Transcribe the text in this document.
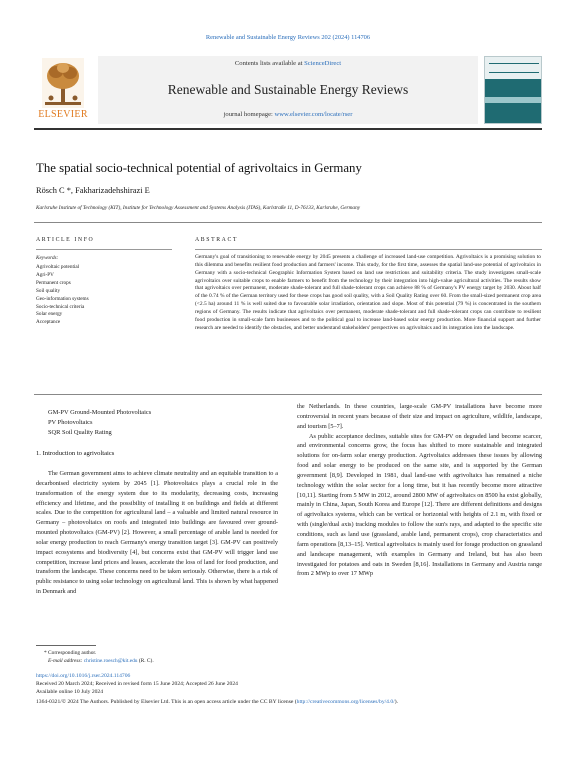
Renewable and Sustainable Energy Reviews 202 (2024) 114706
ELSEVIER
Contents lists available at ScienceDirect
Renewable and Sustainable Energy Reviews
journal homepage: www.elsevier.com/locate/rser
The spatial socio-technical potential of agrivoltaics in Germany
Rösch C *, Fakharizadehshirazi E
Karlsruhe Institute of Technology (KIT), Institute for Technology Assessment and Systems Analysis (ITAS), Karlstraße 11, D-76133, Karlsruhe, Germany
ARTICLE INFO
Keywords:
Agrivoltaic potential
Agri-PV
Permanent crops
Soil quality
Geo-information systems
Socio-technical criteria
Solar energy
Acceptance
ABSTRACT
Germany's goal of transitioning to renewable energy by 2045 presents a challenge of increased land-use competition. Agrivoltaics is a promising solution to this dilemma and benefits resilient food production and farmers' income. This study, for the first time, assesses the spatial land-use potential of agrivoltaics in Germany with a socio-technical Geographic Information System based on land use restrictions and suitability criteria. The study investigates small-scale agrivoltaics over suitable crops to enable farmers to benefit from the technology by their integration into high-value agricultural activities. The results show that agrivoltaics over permanent, moderate shade-tolerant and full shade-tolerant crops can achieve 88 % of Germany's PV energy target by 2030. About half of the 0.74 % of the German territory used for these crops has good soil quality, with a Soil Quality Rating over 60. From the small-sized permanent crop area (<2.5 ha) around 11 % is well suited due to favourable solar irradiation, orientation and slope. Most of this potential (79 %) is concentrated in the southern regions of Germany. The results indicate that agrivoltaics over permanent, moderate shade-tolerant and full shade-tolerant crops can contribute to resilient food production in small-scale farm businesses and to the political goal to increase land-based solar energy production. More financial support and further research are needed to identify the obstacles, and better understand stakeholders' perspectives on agrivoltaics and its integration into the landscape.
GM-PV Ground-Mounted Photovoltaics
PV Photovoltaics
SQR Soil Quality Rating
1. Introduction to agrivoltaics

The German government aims to achieve climate neutrality and an equitable transition to a decarbonised electricity system by 2045 [1]. Photovoltaics plays a crucial role in the transformation of the energy system due to its modularity, decreasing costs, increasing efficiency and lifetime, and the possibility of installing it on buildings and fields at different scales. Due to the competition for agricultural land – a valuable and limited natural resource in Germany – photovoltaics on roofs and integrated into buildings are favoured over ground-mounted photovoltaics (GM-PV) [2]. However, a small percentage of arable land is needed for solar energy production to reach Germany's energy transition target [3]. GM-PV can positively impact ecosystems and biodiversity [4], but concerns exist that GM-PV will trigger land use competition, increase land prices and leases, accelerate the loss of land for food production, and transform the landscape. These concerns need to be taken seriously. Otherwise, there is a risk of public resistance to using solar technology on agricultural land. This is shown by what happened in Denmark and

the Netherlands. In these countries, large-scale GM-PV installations have become more controversial in recent years because of their size and impact on agriculture, wildlife, landscape, and tourism [5–7].

As public acceptance declines, suitable sites for GM-PV on degraded land become scarcer, and environmental concerns grow, the focus has shifted to more sustainable and integrated solutions for on-farm solar energy production. Agrivoltaics addresses these issues by allowing food and solar energy to be produced on the same site, and is supported by the German government [8,9]. Developed in 1981, dual land-use with agrivoltaics has remained a niche technology within the solar sector for a long time, but it has recently become more attractive [10,11]. Starting from 5 MW in 2012, around 2800 MW of agrivoltaics on 8500 ha exist globally, mainly in China, Japan, South Korea and Europe [12]. There are different definitions and designs of agrivoltaics systems, which can be vertical or horizontal with heights of 2.1 m, with fixed or with (single/dual axis) tracking modules to follow the sun's rays, and adapted to the specific site conditions, such as land use (grassland, arable land, permanent crops), crop characteristics and farm operations [8,13–15]. Vertical agrivoltaics is mainly used for forage production on grassland and landscape management, with examples in Germany and Ireland, but has also been investigated for potatoes and oats in Sweden [8,16]. Installations in Germany and Austria range from 2 MWp to over 17 MWp

* Corresponding author.
E-mail address: christine.roesch@kit.edu (R. C).
https://doi.org/10.1016/j.rser.2024.114706
Received 20 March 2024; Received in revised form 15 June 2024; Accepted 26 June 2024
Available online 10 July 2024
1364-0321/© 2024 The Authors. Published by Elsevier Ltd. This is an open access article under the CC BY license (http://creativecommons.org/licenses/by/4.0/).
